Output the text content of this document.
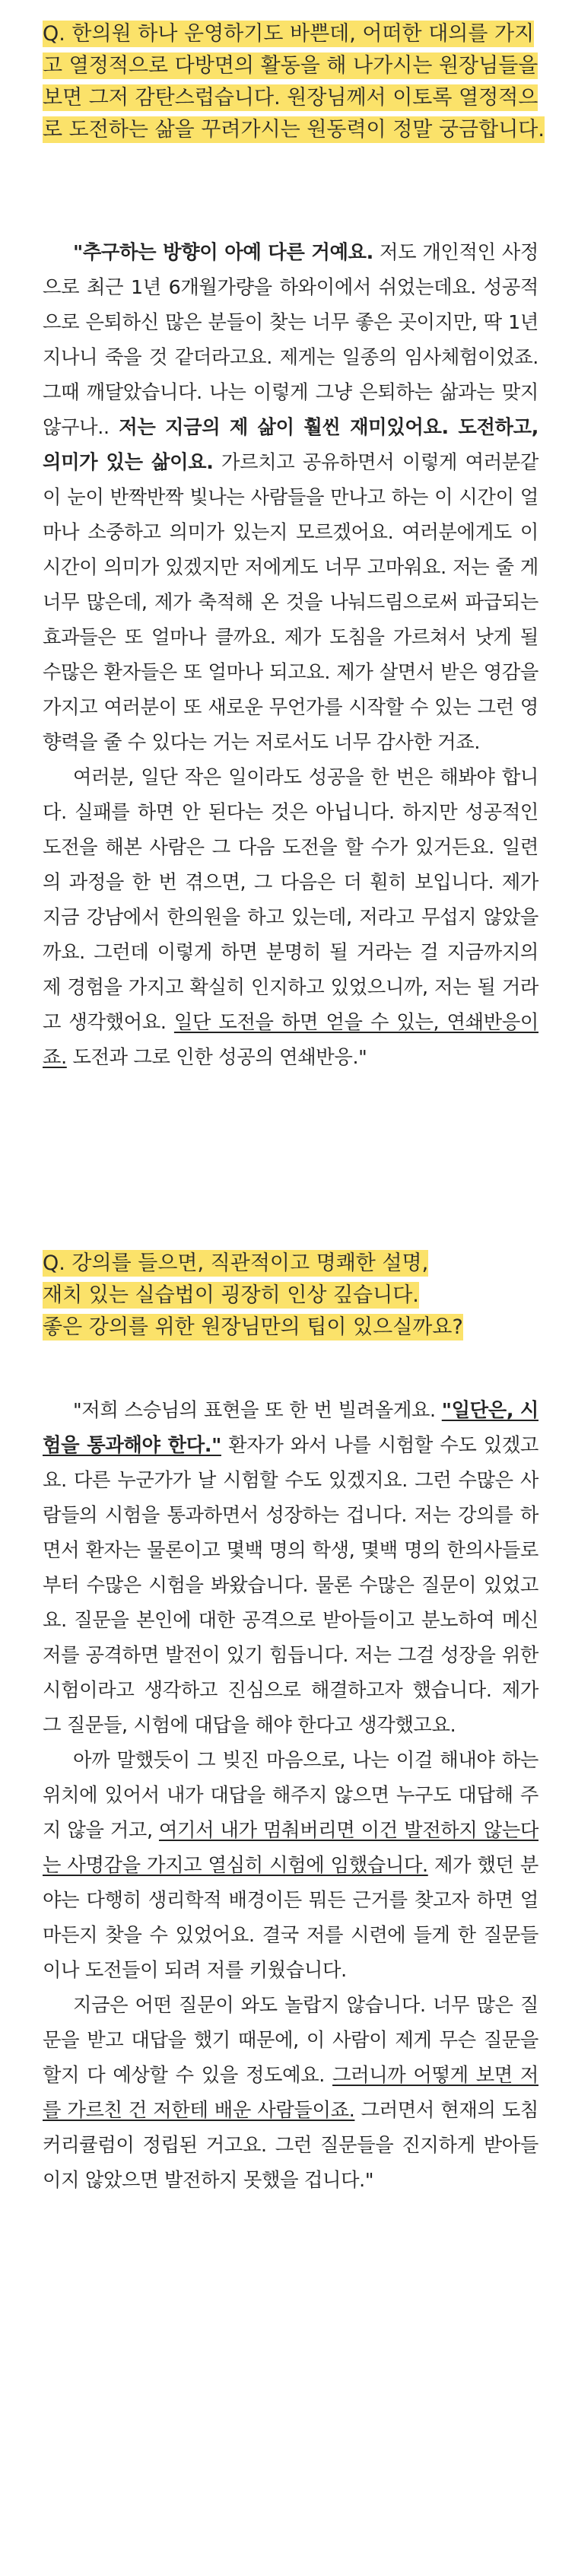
Q. 한의원 하나 운영하기도 바쁜데, 어떠한 대의를 가지고 열정적으로 다방면의 활동을 해 나가시는 원장님들을 보면 그저 감탄스럽습니다. 원장님께서 이토록 열정적으로 도전하는 삶을 꾸려가시는 원동력이 정말 궁금합니다.

"추구하는 방향이 아예 다른 거예요. 저도 개인적인 사정으로 최근 1년 6개월가량을 하와이에서 쉬었는데요. 성공적으로 은퇴하신 많은 분들이 찾는 너무 좋은 곳이지만, 딱 1년 지나니 죽을 것 같더라고요. 제게는 일종의 임사체험이었죠. 그때 깨달았습니다. 나는 이렇게 그냥 은퇴하는 삶과는 맞지 않구나.. 저는 지금의 제 삶이 훨씬 재미있어요. 도전하고, 의미가 있는 삶이요. 가르치고 공유하면서 이렇게 여러분같이 눈이 반짝반짝 빛나는 사람들을 만나고 하는 이 시간이 얼마나 소중하고 의미가 있는지 모르겠어요. 여러분에게도 이 시간이 의미가 있겠지만 저에게도 너무 고마워요. 저는 줄 게 너무 많은데, 제가 축적해 온 것을 나눠드림으로써 파급되는 효과들은 또 얼마나 클까요. 제가 도침을 가르쳐서 낫게 될 수많은 환자들은 또 얼마나 되고요. 제가 살면서 받은 영감을 가지고 여러분이 또 새로운 무언가를 시작할 수 있는 그런 영향력을 줄 수 있다는 거는 저로서도 너무 감사한 거죠.

여러분, 일단 작은 일이라도 성공을 한 번은 해봐야 합니다. 실패를 하면 안 된다는 것은 아닙니다. 하지만 성공적인 도전을 해본 사람은 그 다음 도전을 할 수가 있거든요. 일련의 과정을 한 번 겪으면, 그 다음은 더 훤히 보입니다. 제가 지금 강남에서 한의원을 하고 있는데, 저라고 무섭지 않았을까요. 그런데 이렇게 하면 분명히 될 거라는 걸 지금까지의 제 경험을 가지고 확실히 인지하고 있었으니까, 저는 될 거라고 생각했어요. 일단 도전을 하면 얻을 수 있는, 연쇄반응이죠. 도전과 그로 인한 성공의 연쇄반응."

Q. 강의를 들으면, 직관적이고 명쾌한 설명,
재치 있는 실습법이 굉장히 인상 깊습니다.
좋은 강의를 위한 원장님만의 팁이 있으실까요?

"저희 스승님의 표현을 또 한 번 빌려올게요. "일단은, 시험을 통과해야 한다." 환자가 와서 나를 시험할 수도 있겠고요. 다른 누군가가 날 시험할 수도 있겠지요. 그런 수많은 사람들의 시험을 통과하면서 성장하는 겁니다. 저는 강의를 하면서 환자는 물론이고 몇백 명의 학생, 몇백 명의 한의사들로부터 수많은 시험을 봐왔습니다. 물론 수많은 질문이 있었고요. 질문을 본인에 대한 공격으로 받아들이고 분노하여 메신저를 공격하면 발전이 있기 힘듭니다. 저는 그걸 성장을 위한 시험이라고 생각하고 진심으로 해결하고자 했습니다. 제가 그 질문들, 시험에 대답을 해야 한다고 생각했고요.

아까 말했듯이 그 빚진 마음으로, 나는 이걸 해내야 하는 위치에 있어서 내가 대답을 해주지 않으면 누구도 대답해 주지 않을 거고, 여기서 내가 멈춰버리면 이건 발전하지 않는다는 사명감을 가지고 열심히 시험에 임했습니다. 제가 했던 분야는 다행히 생리학적 배경이든 뭐든 근거를 찾고자 하면 얼마든지 찾을 수 있었어요. 결국 저를 시련에 들게 한 질문들이나 도전들이 되려 저를 키웠습니다.

지금은 어떤 질문이 와도 놀랍지 않습니다. 너무 많은 질문을 받고 대답을 했기 때문에, 이 사람이 제게 무슨 질문을 할지 다 예상할 수 있을 정도예요. 그러니까 어떻게 보면 저를 가르친 건 저한테 배운 사람들이죠. 그러면서 현재의 도침 커리큘럼이 정립된 거고요. 그런 질문들을 진지하게 받아들이지 않았으면 발전하지 못했을 겁니다."
